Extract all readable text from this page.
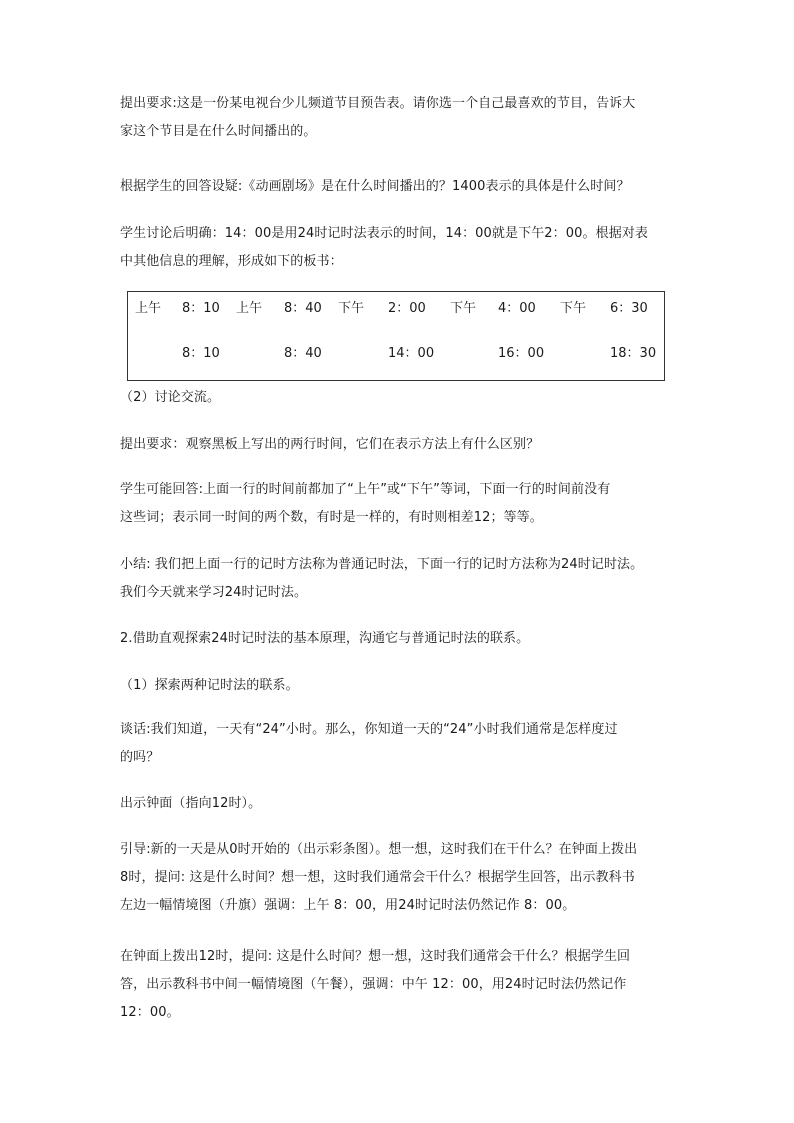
提出要求:这是一份某电视台少儿频道节目预告表。请你选一个自己最喜欢的节目，告诉大
家这个节目是在什么时间播出的。
根据学生的回答设疑:《动画剧场》是在什么时间播出的？1400表示的具体是什么时间？
学生讨论后明确：14：00是用24时记时法表示的时间，14：00就是下午2：00。根据对表
中其他信息的理解，形成如下的板书：
上午 8：10 上午 8：40 下午 2：00 下午 4：00 下午 6：30
8：10	8：40	14：00	16：00	18：30
（2）讨论交流。
提出要求：观察黑板上写出的两行时间，它们在表示方法上有什么区别？
学生可能回答:上面一行的时间前都加了“上午”或“下午”等词，下面一行的时间前没有
这些词；表示同一时间的两个数，有时是一样的，有时则相差12；等等。
小结: 我们把上面一行的记时方法称为普通记时法，下面一行的记时方法称为24时记时法。
我们今天就来学习24时记时法。
2.借助直观探索24时记时法的基本原理，沟通它与普通记时法的联系。
（1）探索两种记时法的联系。
谈话:我们知道，一天有“24”小时。那么，你知道一天的“24”小时我们通常是怎样度过
的吗？
出示钟面（指向12时）。
引导:新的一天是从0时开始的（出示彩条图）。想一想，这时我们在干什么？在钟面上拨出
8时，提问: 这是什么时间？想一想，这时我们通常会干什么？根据学生回答，出示教科书
左边一幅情境图（升旗）强调：上午 8：00，用24时记时法仍然记作 8：00。
在钟面上拨出12时，提问: 这是什么时间？想一想，这时我们通常会干什么？根据学生回
答，出示教科书中间一幅情境图（午餐），强调：中午 12：00，用24时记时法仍然记作
12：00。
